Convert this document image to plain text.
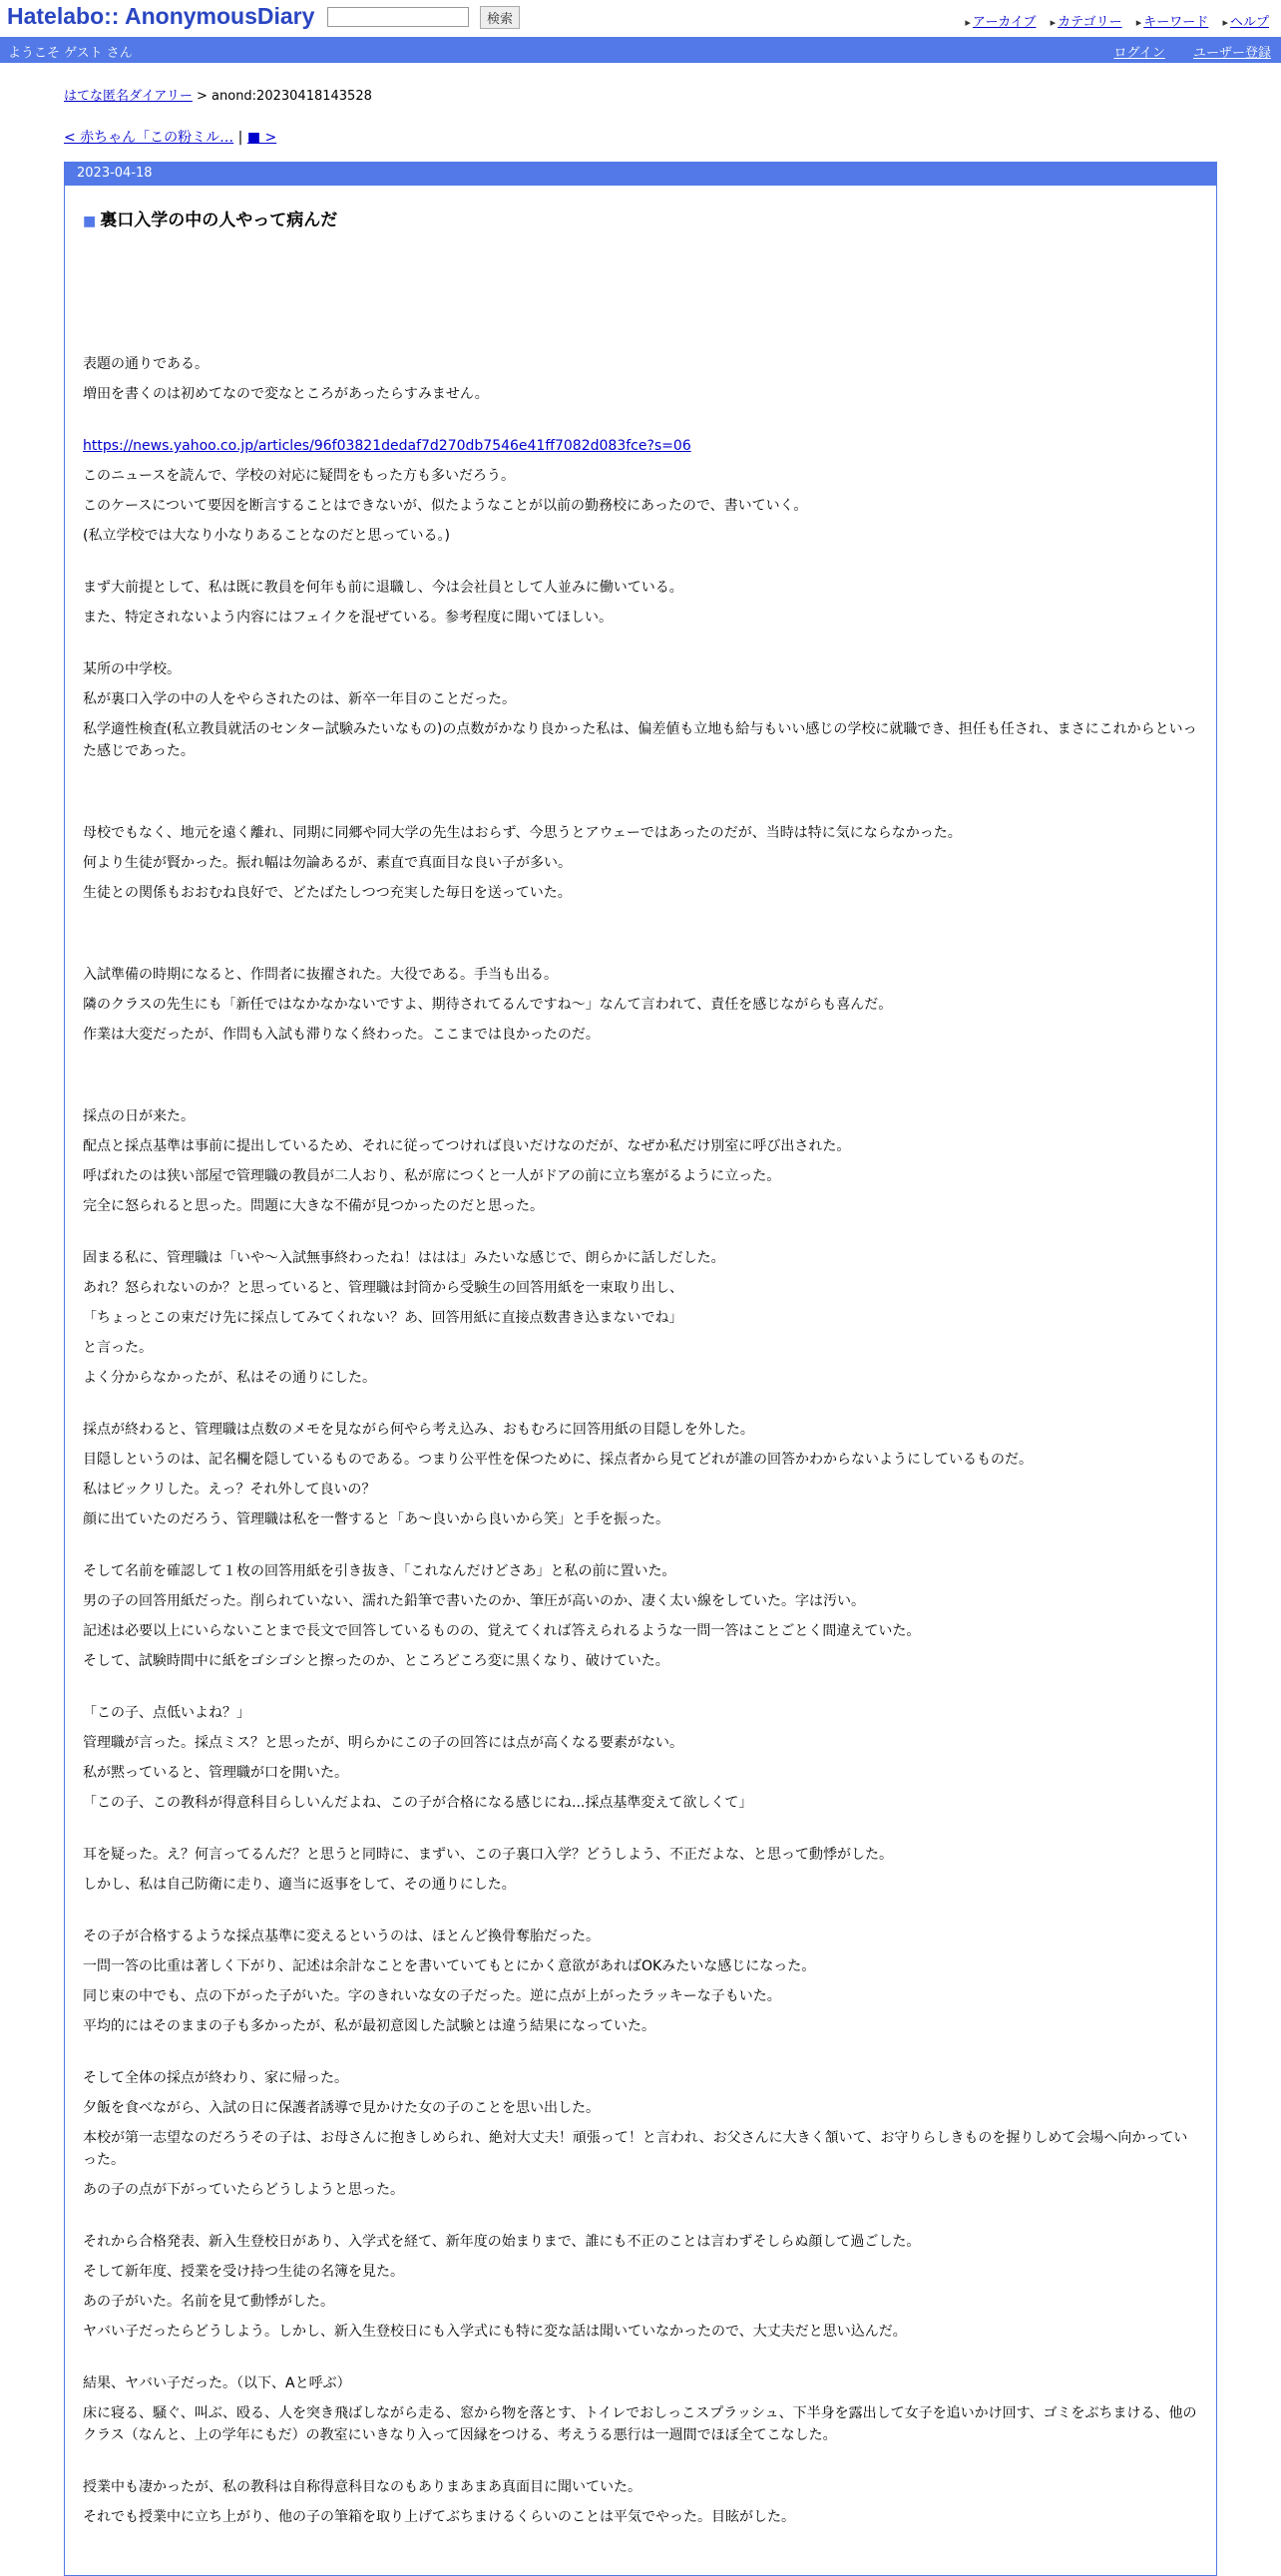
Hatelabo:: AnonymousDiary	検索	▸ アーカイブ ▸ カテゴリー ▸ キーワード ▸ ヘルプ
ようこそ ゲスト さん	ログイン ユーザー登録
はてな匿名ダイアリー > anond:20230418143528
< 赤ちゃん「この粉ミル… | ■ >
2023-04-18
■ 裏口入学の中の人やって病んだ

表題の通りである。

増田を書くのは初めてなので変なところがあったらすみません。

https://news.yahoo.co.jp/articles/96f03821dedaf7d270db7546e41ff7082d083fce?s=06

このニュースを読んで、学校の対応に疑問をもった方も多いだろう。

このケースについて要因を断言することはできないが、似たようなことが以前の勤務校にあったので、書いていく。

(私立学校では大なり小なりあることなのだと思っている。)

まず大前提として、私は既に教員を何年も前に退職し、今は会社員として人並みに働いている。

また、特定されないよう内容にはフェイクを混ぜている。参考程度に聞いてほしい。

某所の中学校。

私が裏口入学の中の人をやらされたのは、新卒一年目のことだった。

私学適性検査(私立教員就活のセンター試験みたいなもの)の点数がかなり良かった私は、偏差値も立地も給与もいい感じの学校に就職でき、担任も任され、まさにこれからといった感じであった。

母校でもなく、地元を遠く離れ、同期に同郷や同大学の先生はおらず、今思うとアウェーではあったのだが、当時は特に気にならなかった。

何より生徒が賢かった。振れ幅は勿論あるが、素直で真面目な良い子が多い。

生徒との関係もおおむね良好で、どたばたしつつ充実した毎日を送っていた。

入試準備の時期になると、作問者に抜擢された。大役である。手当も出る。

隣のクラスの先生にも「新任ではなかなかないですよ、期待されてるんですね〜」なんて言われて、責任を感じながらも喜んだ。

作業は大変だったが、作問も入試も滞りなく終わった。ここまでは良かったのだ。

採点の日が来た。

配点と採点基準は事前に提出しているため、それに従ってつければ良いだけなのだが、なぜか私だけ別室に呼び出された。

呼ばれたのは狭い部屋で管理職の教員が二人おり、私が席につくと一人がドアの前に立ち塞がるように立った。

完全に怒られると思った。問題に大きな不備が見つかったのだと思った。

固まる私に、管理職は「いや〜入試無事終わったね！ははは」みたいな感じで、朗らかに話しだした。

あれ？怒られないのか？と思っていると、管理職は封筒から受験生の回答用紙を一束取り出し、

「ちょっとこの束だけ先に採点してみてくれない？あ、回答用紙に直接点数書き込まないでね」

と言った。

よく分からなかったが、私はその通りにした。

採点が終わると、管理職は点数のメモを見ながら何やら考え込み、おもむろに回答用紙の目隠しを外した。

目隠しというのは、記名欄を隠しているものである。つまり公平性を保つために、採点者から見てどれが誰の回答かわからないようにしているものだ。

私はビックリした。えっ？それ外して良いの？

顔に出ていたのだろう、管理職は私を一瞥すると「あ〜良いから良いから笑」と手を振った。

そして名前を確認して１枚の回答用紙を引き抜き、「これなんだけどさあ」と私の前に置いた。

男の子の回答用紙だった。削られていない、濡れた鉛筆で書いたのか、筆圧が高いのか、凄く太い線をしていた。字は汚い。

記述は必要以上にいらないことまで長文で回答しているものの、覚えてくれば答えられるような一問一答はことごとく間違えていた。

そして、試験時間中に紙をゴシゴシと擦ったのか、ところどころ変に黒くなり、破けていた。

「この子、点低いよね？」

管理職が言った。採点ミス？と思ったが、明らかにこの子の回答には点が高くなる要素がない。

私が黙っていると、管理職が口を開いた。

「この子、この教科が得意科目らしいんだよね、この子が合格になる感じにね...採点基準変えて欲しくて」

耳を疑った。え？何言ってるんだ？と思うと同時に、まずい、この子裏口入学？どうしよう、不正だよな、と思って動悸がした。

しかし、私は自己防衛に走り、適当に返事をして、その通りにした。

その子が合格するような採点基準に変えるというのは、ほとんど換骨奪胎だった。

一問一答の比重は著しく下がり、記述は余計なことを書いていてもとにかく意欲があればOKみたいな感じになった。

同じ束の中でも、点の下がった子がいた。字のきれいな女の子だった。逆に点が上がったラッキーな子もいた。

平均的にはそのままの子も多かったが、私が最初意図した試験とは違う結果になっていた。

そして全体の採点が終わり、家に帰った。

夕飯を食べながら、入試の日に保護者誘導で見かけた女の子のことを思い出した。

本校が第一志望なのだろうその子は、お母さんに抱きしめられ、絶対大丈夫！頑張って！と言われ、お父さんに大きく頷いて、お守りらしきものを握りしめて会場へ向かっていった。

あの子の点が下がっていたらどうしようと思った。

それから合格発表、新入生登校日があり、入学式を経て、新年度の始まりまで、誰にも不正のことは言わずそしらぬ顔して過ごした。

そして新年度、授業を受け持つ生徒の名簿を見た。

あの子がいた。名前を見て動悸がした。

ヤバい子だったらどうしよう。しかし、新入生登校日にも入学式にも特に変な話は聞いていなかったので、大丈夫だと思い込んだ。

結果、ヤバい子だった。（以下、Aと呼ぶ）

床に寝る、騒ぐ、叫ぶ、殴る、人を突き飛ばしながら走る、窓から物を落とす、トイレでおしっこスプラッシュ、下半身を露出して女子を追いかけ回す、ゴミをぶちまける、他のクラス（なんと、上の学年にもだ）の教室にいきなり入って因縁をつける、考えうる悪行は一週間でほぼ全てこなした。

授業中も凄かったが、私の教科は自称得意科目なのもありまあまあ真面目に聞いていた。

それでも授業中に立ち上がり、他の子の筆箱を取り上げてぶちまけるくらいのことは平気でやった。目眩がした。
